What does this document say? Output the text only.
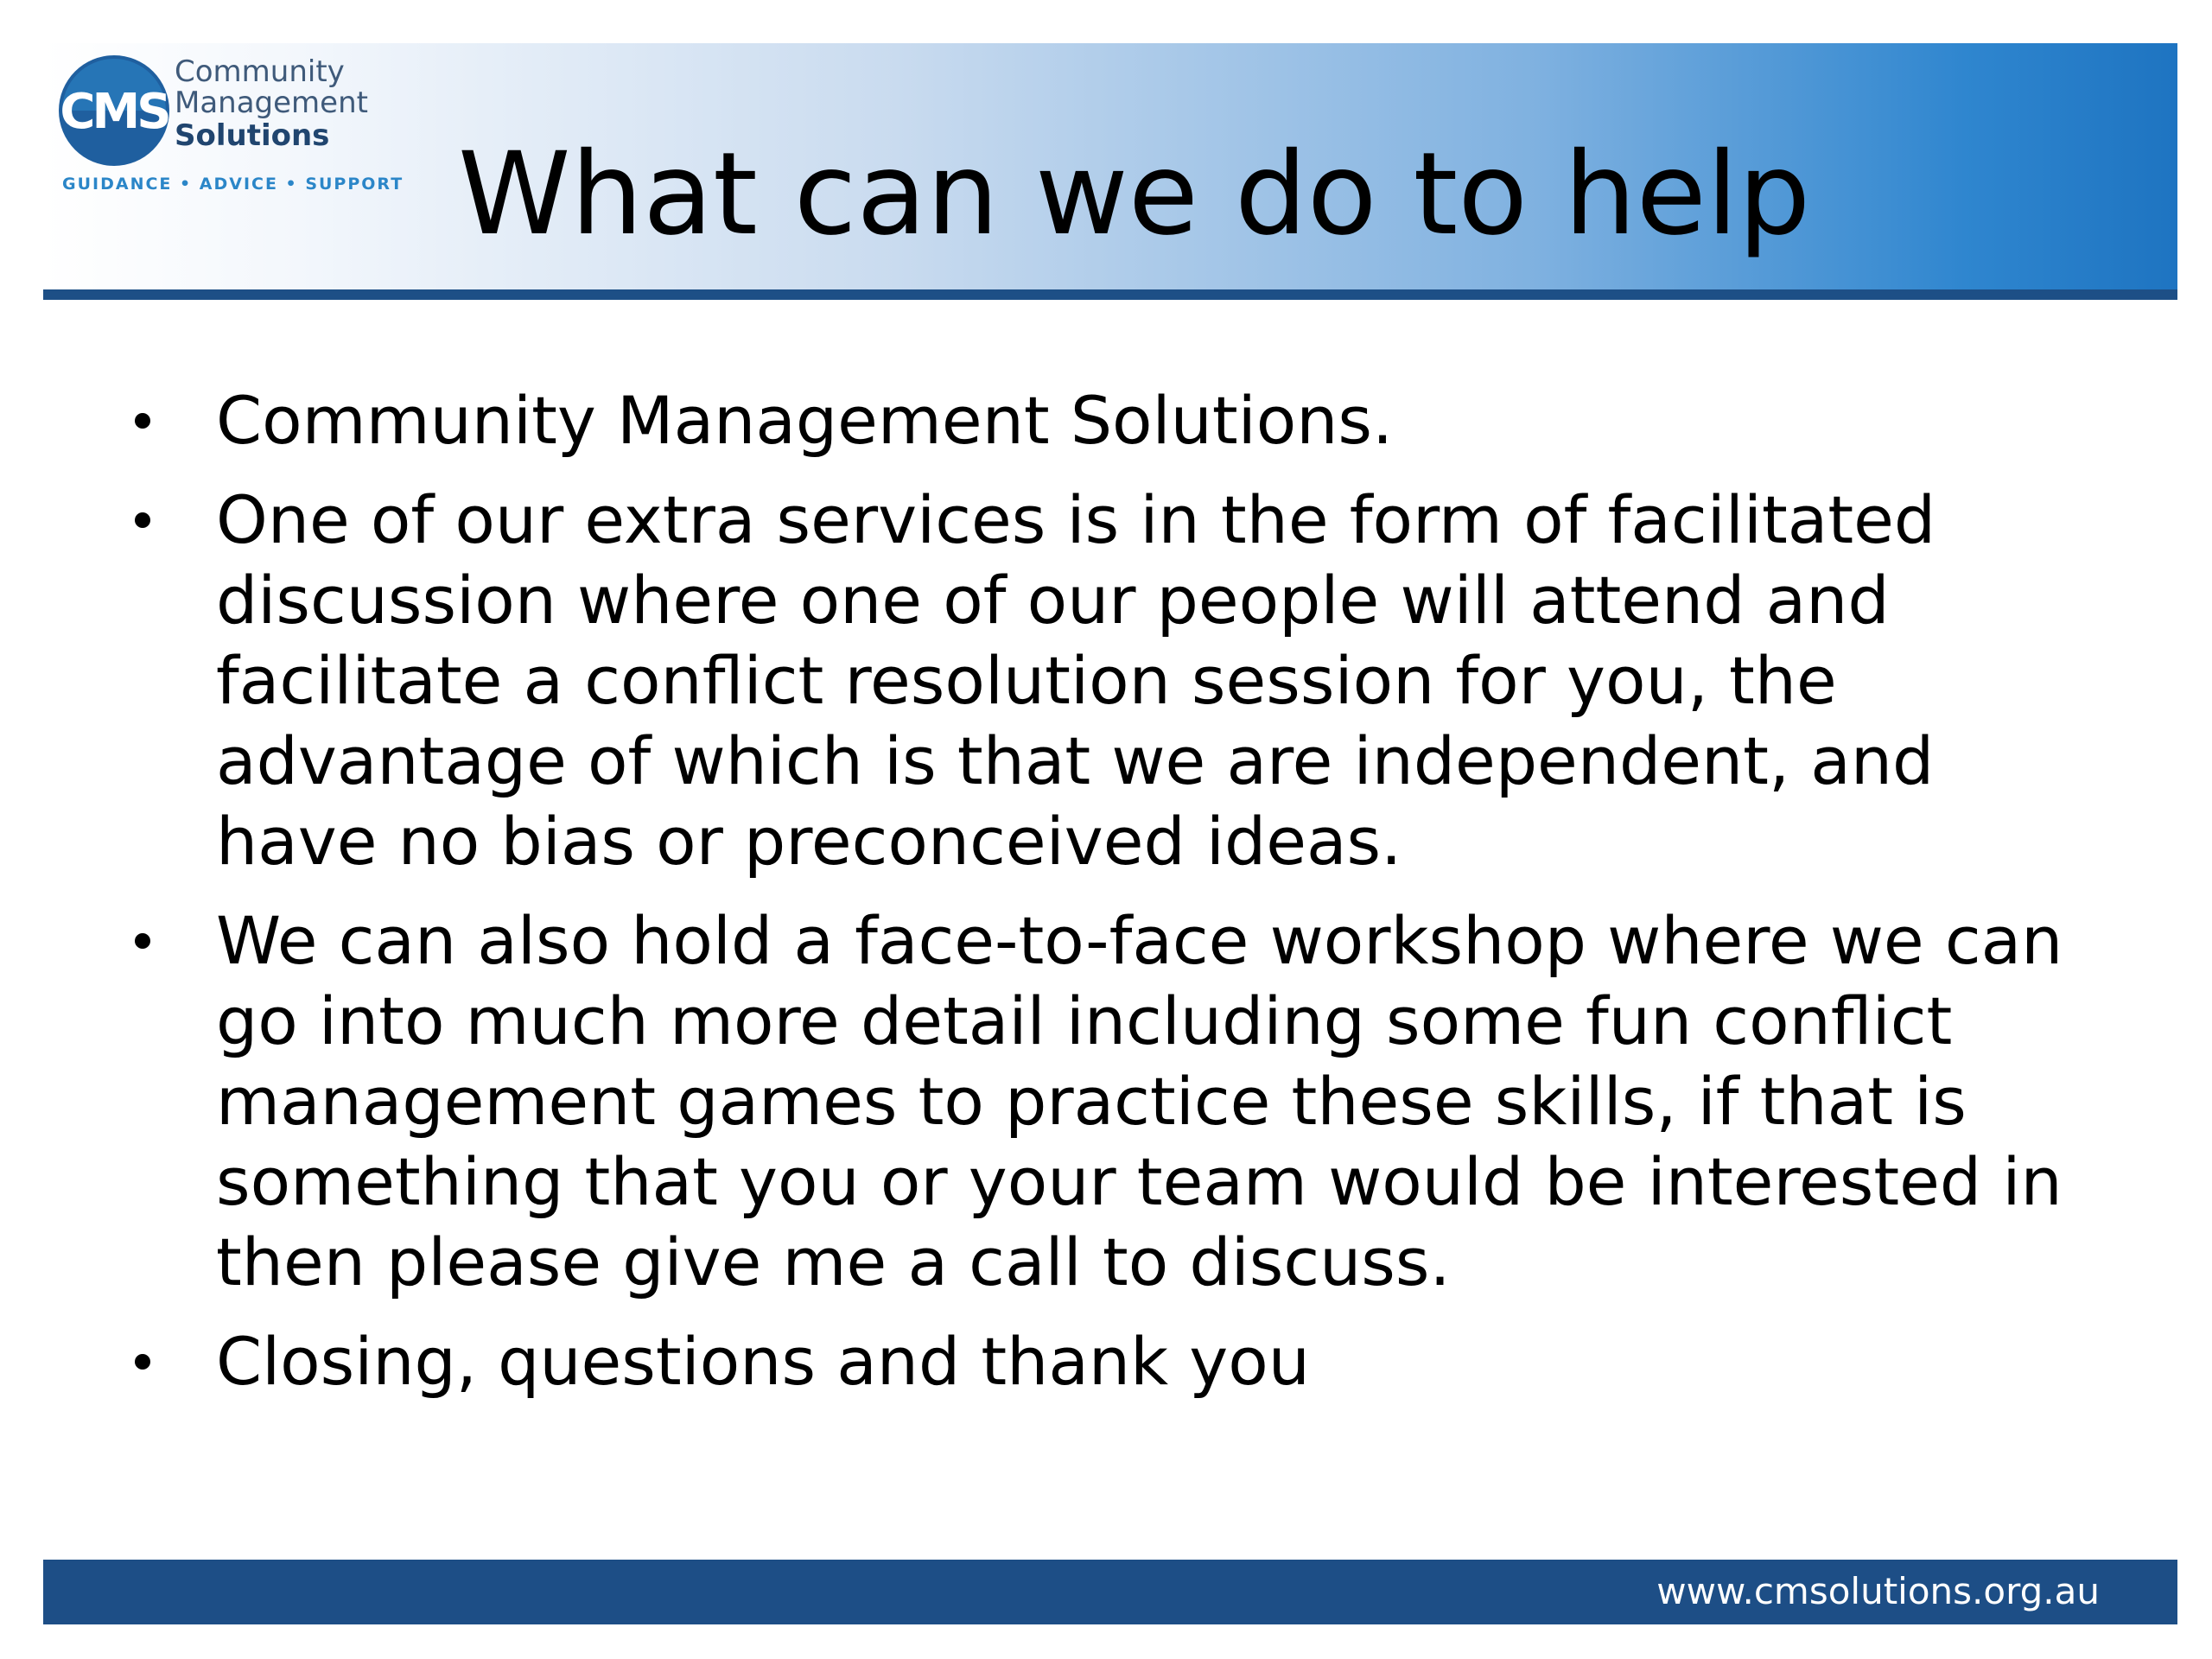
CMS
Community
Management
Solutions
GUIDANCE • ADVICE • SUPPORT What can we do to help
Community Management Solutions.
One of our extra services is in the form of facilitated discussion where one of our people will attend and facilitate a conflict resolution session for you, the advantage of which is that we are independent, and have no bias or preconceived ideas.
We can also hold a face-to-face workshop where we can go into much more detail including some fun conflict management games to practice these skills, if that is something that you or your team would be interested in then please give me a call to discuss.
Closing, questions and thank you
www.cmsolutions.org.au
